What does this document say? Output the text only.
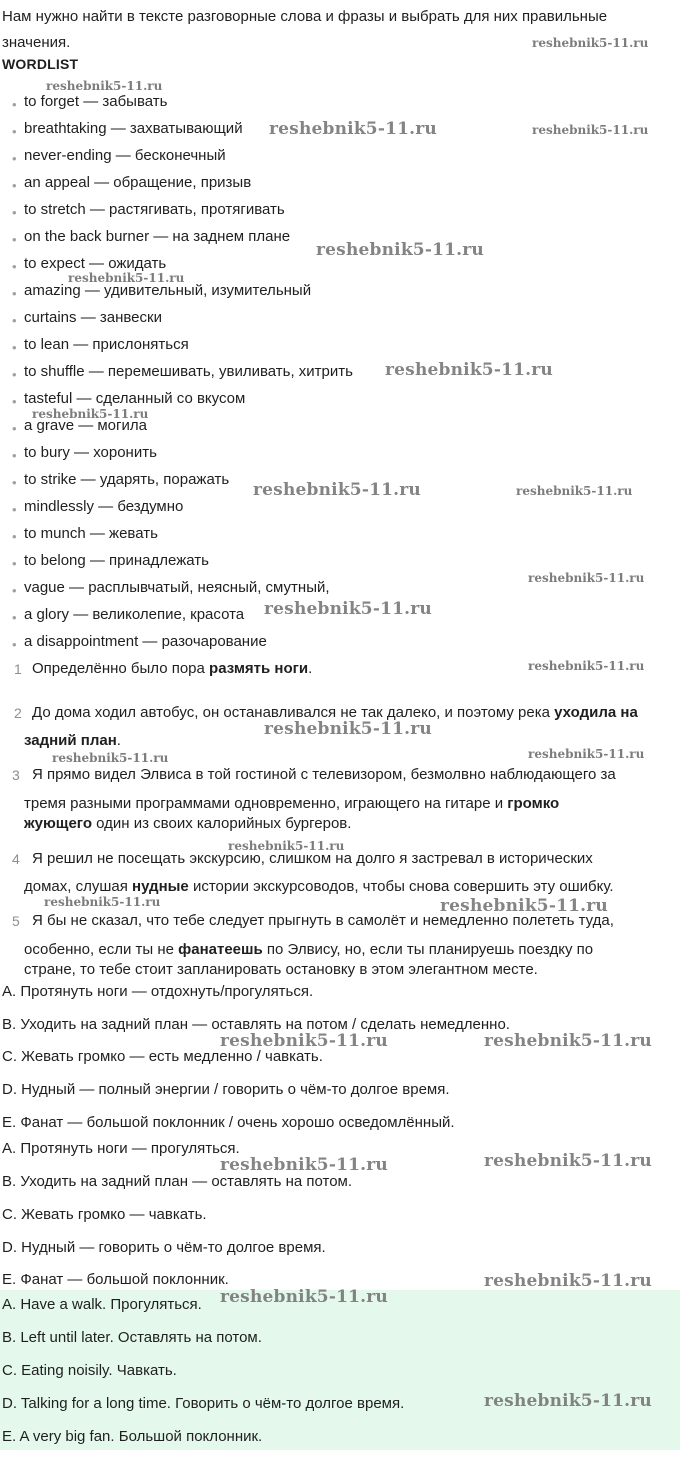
Нам нужно найти в тексте разговорные слова и фразы и выбрать для них правильные
значения.
WORDLIST
• to forget — забывать
• breathtaking — захватывающий
• never-ending — бесконечный
• an appeal — обращение, призыв
• to stretch — растягивать, протягивать
• on the back burner — на заднем плане
• to expect — ожидать
• amazing — удивительный, изумительный
• curtains — занвески
• to lean — прислоняться
• to shuffle — перемешивать, увиливать, хитрить
• tasteful — сделанный со вкусом
• a grave — могила
• to bury — хоронить
• to strike — ударять, поражать
• mindlessly — бездумно
• to munch — жевать
• to belong — принадлежать
• vague — расплывчатый, неясный, смутный,
• a glory — великолепие, красота
• a disappointment — разочарование
1 Определённо было пора размять ноги.
2 До дома ходил автобус, он останавливался не так далеко, и поэтому река уходила на
задний план.
3 Я прямо видел Элвиса в той гостиной с телевизором, безмолвно наблюдающего за
тремя разными программами одновременно, играющего на гитаре и громко
жующего один из своих калорийных бургеров.
4 Я решил не посещать экскурсию, слишком на долго я застревал в исторических
домах, слушая нудные истории экскурсоводов, чтобы снова совершить эту ошибку.
5 Я бы не сказал, что тебе следует прыгнуть в самолёт и немедленно полететь туда,
особенно, если ты не фанатеешь по Элвису, но, если ты планируешь поездку по
стране, то тебе стоит запланировать остановку в этом элегантном месте.
A. Протянуть ноги — отдохнуть/прогуляться.
B. Уходить на задний план — оставлять на потом / сделать немедленно.
C. Жевать громко — есть медленно / чавкать.
D. Нудный — полный энергии / говорить о чём-то долгое время.
E. Фанат — большой поклонник / очень хорошо осведомлённый.
A. Протянуть ноги — прогуляться.
B. Уходить на задний план — оставлять на потом.
C. Жевать громко — чавкать.
D. Нудный — говорить о чём-то долгое время.
E. Фанат — большой поклонник.
A. Have a walk. Прогуляться.
B. Left until later. Оставлять на потом.
C. Eating noisily. Чавкать.
D. Talking for a long time. Говорить о чём-то долгое время.
E. A very big fan. Большой поклонник.
reshebnik5-11.ru
reshebnik5-11.ru
reshebnik5-11.ru	reshebnik5-11.ru
reshebnik5-11.ru
reshebnik5-11.ru
reshebnik5-11.ru
reshebnik5-11.ru
reshebnik5-11.ru	reshebnik5-11.ru
reshebnik5-11.ru
reshebnik5-11.ru
reshebnik5-11.ru
reshebnik5-11.ru
reshebnik5-11.ru	reshebnik5-11.ru
reshebnik5-11.ru
reshebnik5-11.ru	reshebnik5-11.ru
reshebnik5-11.ru	reshebnik5-11.ru
reshebnik5-11.ru	reshebnik5-11.ru
reshebnik5-11.ru
reshebnik5-11.ru
reshebnik5-11.ru
